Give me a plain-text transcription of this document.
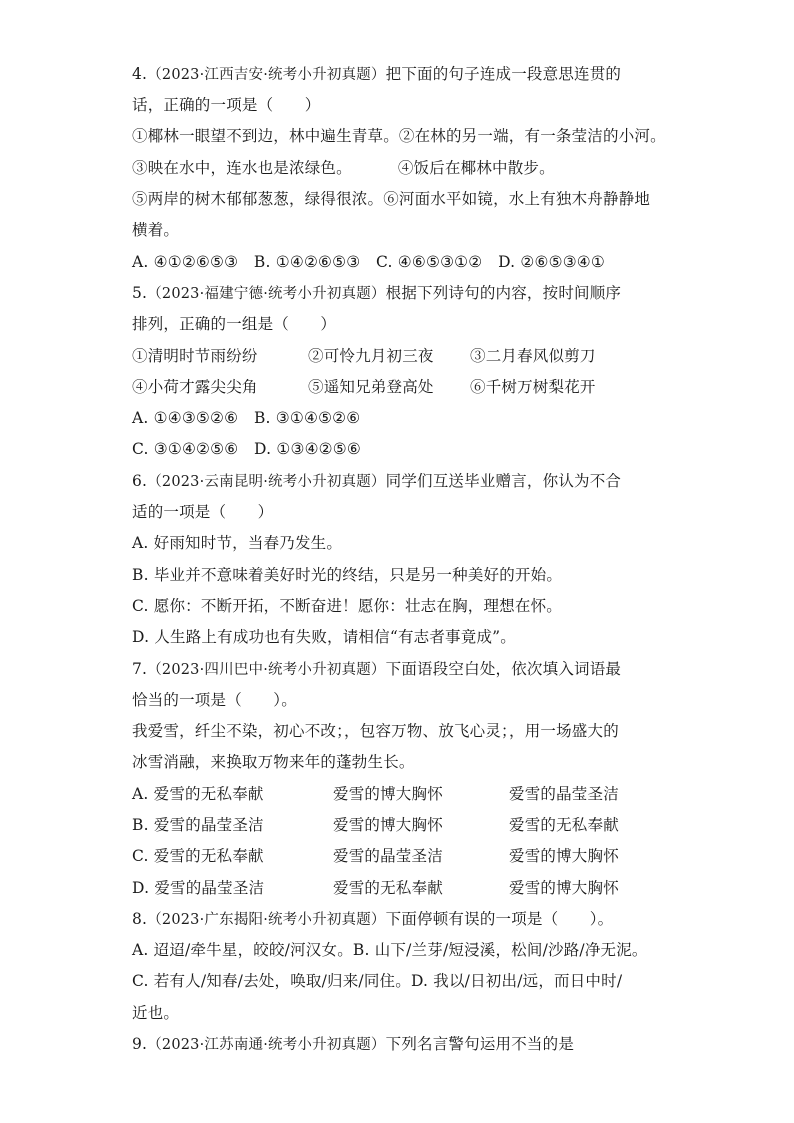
4.（2023·江西吉安·统考小升初真题）把下面的句子连成一段意思连贯的
话，正确的一项是（　　）
①椰林一眼望不到边，林中遍生青草。②在林的另一端，有一条莹洁的小河。
③映在水中，连水也是浓绿色。	④饭后在椰林中散步。
⑤两岸的树木郁郁葱葱，绿得很浓。⑥河面水平如镜，水上有独木舟静静地
横着。
A. ④①②⑥⑤③　B. ①④②⑥⑤③　C. ④⑥⑤③①②　D. ②⑥⑤③④①
5.（2023·福建宁德·统考小升初真题）根据下列诗句的内容，按时间顺序
排列，正确的一组是（　　）
①清明时节雨纷纷	②可怜九月初三夜 ③二月春风似剪刀
④小荷才露尖尖角	⑤遥知兄弟登高处 ⑥千树万树梨花开
A. ①④③⑤②⑥　 B. ③①④⑤②⑥
C. ③①④②⑤⑥　 D. ①③④②⑤⑥
6.（2023·云南昆明·统考小升初真题）同学们互送毕业赠言，你认为不合
适的一项是（　　）
A. 好雨知时节，当春乃发生。
B. 毕业并不意味着美好时光的终结，只是另一种美好的开始。
C. 愿你：不断开拓，不断奋进！愿你：壮志在胸，理想在怀。
D. 人生路上有成功也有失败，请相信“有志者事竟成”。
7.（2023·四川巴中·统考小升初真题）下面语段空白处，依次填入词语最
恰当的一项是（　　）。
我爱雪，纤尘不染，初心不改；，包容万物、放飞心灵；，用一场盛大的
冰雪消融，来换取万物来年的蓬勃生长。
A. 爱雪的无私奉献	爱雪的博大胸怀	爱雪的晶莹圣洁
B. 爱雪的晶莹圣洁	爱雪的博大胸怀	爱雪的无私奉献
C. 爱雪的无私奉献	爱雪的晶莹圣洁	爱雪的博大胸怀
D. 爱雪的晶莹圣洁	爱雪的无私奉献	爱雪的博大胸怀
8.（2023·广东揭阳·统考小升初真题）下面停顿有误的一项是（　　）。
A. 迢迢/牵牛星，皎皎/河汉女。B. 山下/兰芽/短浸溪，松间/沙路/净无泥。
C. 若有人/知春/去处，唤取/归来/同住。D. 我以/日初出/远，而日中时/
近也。
9.（2023·江苏南通·统考小升初真题）下列名言警句运用不当的是
